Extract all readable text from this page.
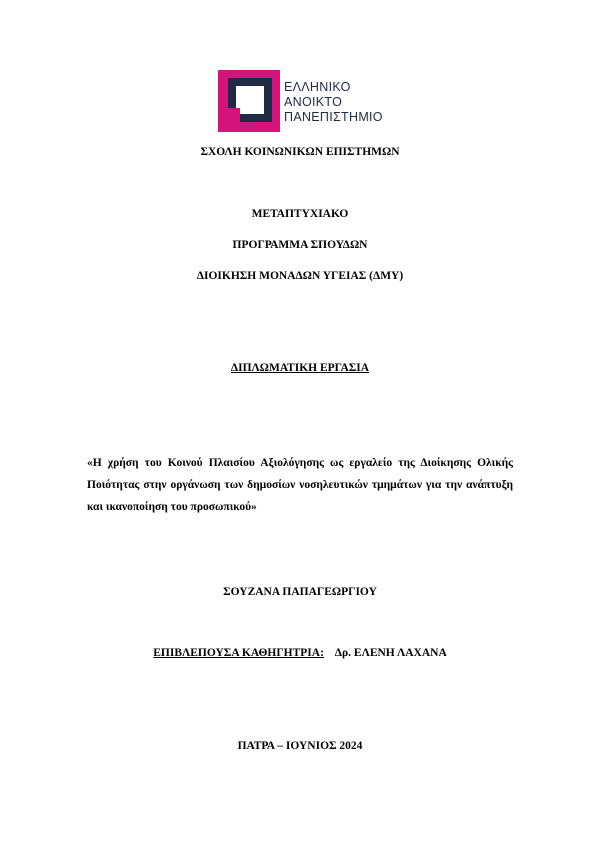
ΕΛΛΗΝΙΚΟ
ΑΝΟΙΚΤΟ
ΠΑΝΕΠΙΣΤΗΜΙΟ
ΣΧΟΛΗ ΚΟΙΝΩΝΙΚΩΝ ΕΠΙΣΤΗΜΩΝ
ΜΕΤΑΠΤΥΧΙΑΚΟ
ΠΡΟΓΡΑΜΜΑ ΣΠΟΥΔΩΝ
ΔΙΟΙΚΗΣΗ ΜΟΝΑΔΩΝ ΥΓΕΙΑΣ (ΔΜΥ)
ΔΙΠΛΩΜΑΤΙΚΗ ΕΡΓΑΣΙΑ
«Η χρήση του Κοινού Πλαισίου Αξιολόγησης ως εργαλείο της Διοίκησης Ολικής Ποιότητας στην οργάνωση των δημοσίων νοσηλευτικών τμημάτων για την ανάπτυξη και ικανοποίηση του προσωπικού»
ΣΟΥΖΑΝΑ ΠΑΠΑΓΕΩΡΓΙΟΥ
ΕΠΙΒΛΕΠΟΥΣΑ ΚΑΘΗΓΗΤΡΙΑ: Δρ. ΕΛΕΝΗ ΛΑΧΑΝΑ
ΠΑΤΡΑ – ΙΟΥΝΙΟΣ 2024
